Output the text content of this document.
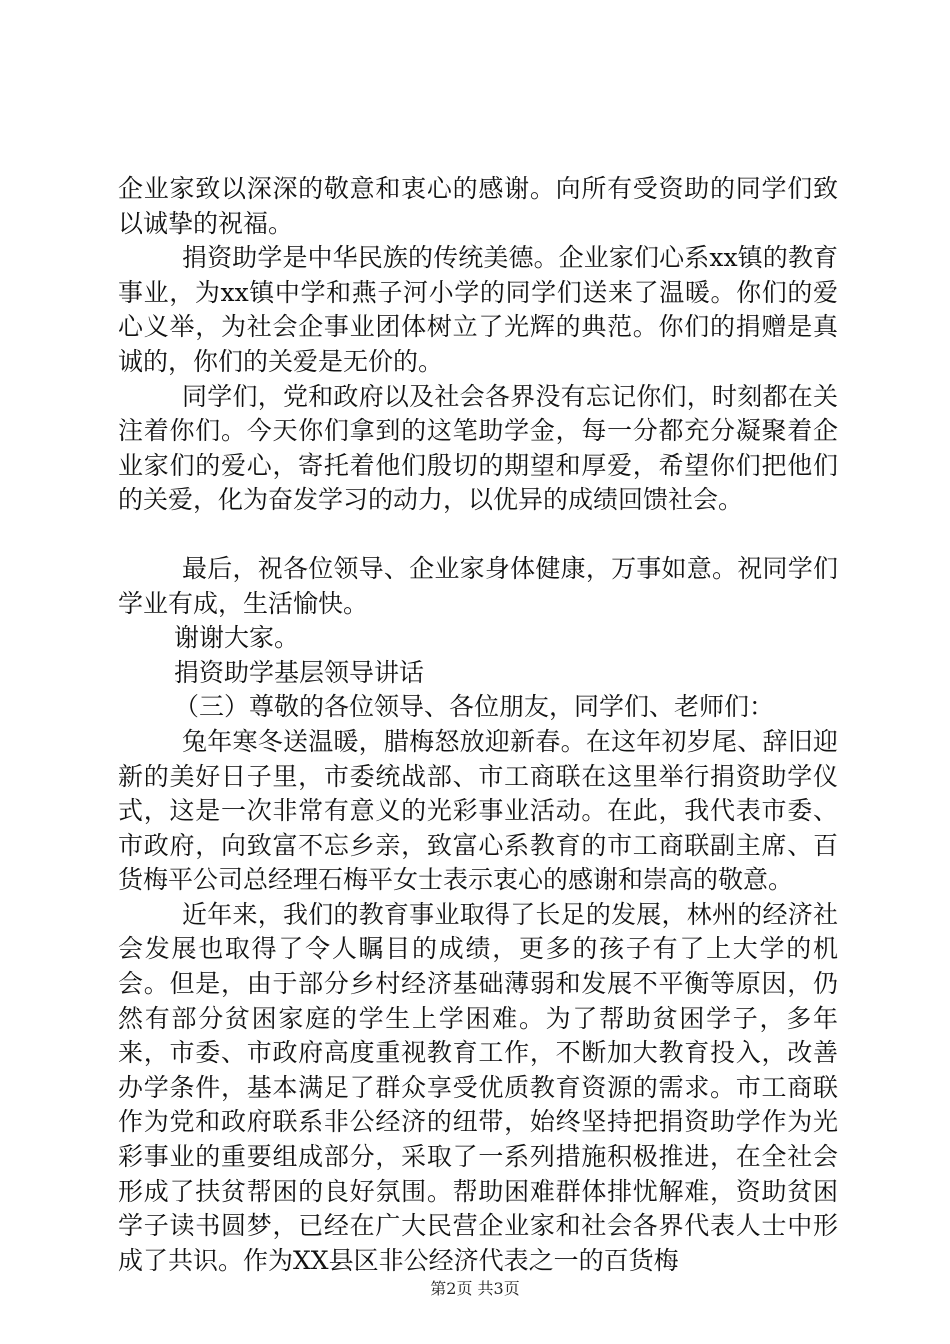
企业家致以深深的敬意和衷心的感谢。向所有受资助的同学们致以诚挚的祝福。

捐资助学是中华民族的传统美德。企业家们心系xx镇的教育事业，为xx镇中学和燕子河小学的同学们送来了温暖。你们的爱心义举，为社会企事业团体树立了光辉的典范。你们的捐赠是真诚的，你们的关爱是无价的。

同学们，党和政府以及社会各界没有忘记你们，时刻都在关注着你们。今天你们拿到的这笔助学金，每一分都充分凝聚着企业家们的爱心，寄托着他们殷切的期望和厚爱，希望你们把他们的关爱，化为奋发学习的动力，以优异的成绩回馈社会。

最后，祝各位领导、企业家身体健康，万事如意。祝同学们学业有成，生活愉快。

谢谢大家。

捐资助学基层领导讲话

（三）尊敬的各位领导、各位朋友，同学们、老师们：

兔年寒冬送温暖，腊梅怒放迎新春。在这年初岁尾、辞旧迎新的美好日子里，市委统战部、市工商联在这里举行捐资助学仪式，这是一次非常有意义的光彩事业活动。在此，我代表市委、市政府，向致富不忘乡亲，致富心系教育的市工商联副主席、百货梅平公司总经理石梅平女士表示衷心的感谢和崇高的敬意。

近年来，我们的教育事业取得了长足的发展，林州的经济社会发展也取得了令人瞩目的成绩，更多的孩子有了上大学的机会。但是，由于部分乡村经济基础薄弱和发展不平衡等原因，仍然有部分贫困家庭的学生上学困难。为了帮助贫困学子，多年来，市委、市政府高度重视教育工作，不断加大教育投入，改善办学条件，基本满足了群众享受优质教育资源的需求。市工商联作为党和政府联系非公经济的纽带，始终坚持把捐资助学作为光彩事业的重要组成部分，采取了一系列措施积极推进，在全社会形成了扶贫帮困的良好氛围。帮助困难群体排忧解难，资助贫困学子读书圆梦，已经在广大民营企业家和社会各界代表人士中形成了共识。作为XX县区非公经济代表之一的百货梅

第2页 共3页
